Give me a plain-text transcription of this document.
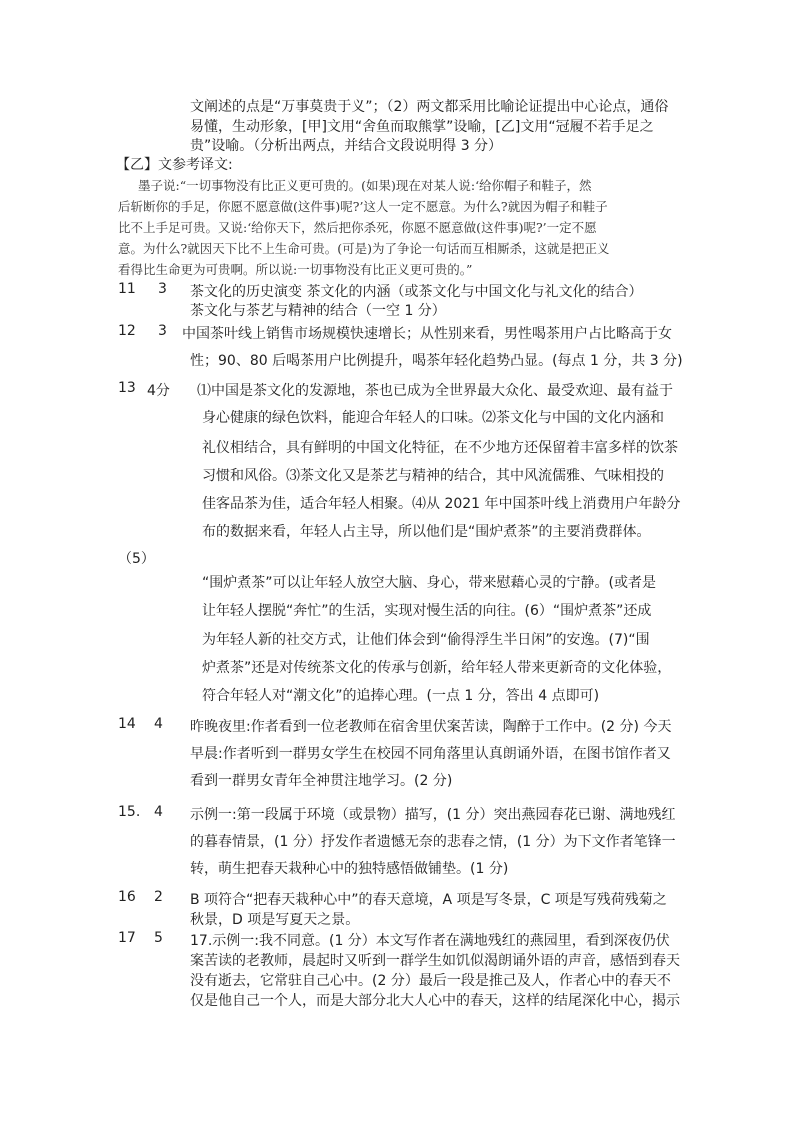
文阐述的点是“万事莫贵于义”；（2）两文都采用比喻论证提出中心论点，通俗
易懂，生动形象，[甲]文用“舍鱼而取熊掌”设喻，[乙]文用“冠履不若手足之
贵”设喻。（分析出两点，并结合文段说明得 3 分）
【乙】文参考译文:
墨子说:“一切事物没有比正义更可贵的。(如果)现在对某人说:‘给你帽子和鞋子，然
后斩断你的手足，你愿不愿意做(这件事)呢?’这人一定不愿意。为什么?就因为帽子和鞋子
比不上手足可贵。又说:‘给你天下，然后把你杀死，你愿不愿意做(这件事)呢?’一定不愿
意。为什么?就因天下比不上生命可贵。(可是)为了争论一句话而互相厮杀，这就是把正义
看得比生命更为可贵啊。所以说:一切事物没有比正义更可贵的。”
11 3 茶文化的历史演变 茶文化的内涵（或茶文化与中国文化与礼文化的结合）
茶文化与茶艺与精神的结合（一空 1 分）
12 3 中国茶叶线上销售市场规模快速增长；从性别来看，男性喝茶用户占比略高于女
性；90、80 后喝茶用户比例提升，喝茶年轻化趋势凸显。(每点 1 分，共 3 分)
13 4分 ⑴中国是茶文化的发源地，茶也已成为全世界最大众化、最受欢迎、最有益于
身心健康的绿色饮料，能迎合年轻人的口味。⑵茶文化与中国的文化内涵和
礼仪相结合，具有鲜明的中国文化特征，在不少地方还保留着丰富多样的饮茶
习惯和风俗。⑶茶文化又是茶艺与精神的结合，其中风流儒雅、气味相投的
佳客品茶为佳，适合年轻人相聚。⑷从 2021 年中国茶叶线上消费用户年龄分
布的数据来看，年轻人占主导，所以他们是“围炉煮茶”的主要消费群体。
（5）
“围炉煮茶”可以让年轻人放空大脑、身心，带来慰藉心灵的宁静。(或者是
让年轻人摆脱“奔忙”的生活，实现对慢生活的向往。(6）“围炉煮茶”还成
为年轻人新的社交方式，让他们体会到“偷得浮生半日闲”的安逸。(7)“围
炉煮茶”还是对传统茶文化的传承与创新，给年轻人带来更新奇的文化体验，
符合年轻人对“潮文化”的追捧心理。(一点 1 分，答出 4 点即可)
14 4 昨晚夜里:作者看到一位老教师在宿舍里伏案苦读，陶醉于工作中。(2 分) 今天
早晨:作者听到一群男女学生在校园不同角落里认真朗诵外语，在图书馆作者又
看到一群男女青年全神贯注地学习。(2 分)
15. 4 示例一:第一段属于环境（或景物）描写，(1 分）突出燕园春花已谢、满地残红
的暮春情景，(1 分）抒发作者遗憾无奈的悲春之情，(1 分）为下文作者笔锋一
转，萌生把春天栽种心中的独特感悟做铺垫。(1 分)
16 2 B 项符合“把春天栽种心中”的春天意境，A 项是写冬景，C 项是写残荷残菊之
秋景，D 项是写夏天之景。
17 5 17.示例一:我不同意。(1 分）本文写作者在满地残红的燕园里，看到深夜仍伏
案苦读的老教师，晨起时又听到一群学生如饥似渴朗诵外语的声音，感悟到春天
没有逝去，它常驻自己心中。(2 分）最后一段是推己及人，作者心中的春天不
仅是他自己一个人，而是大部分北大人心中的春天，这样的结尾深化中心，揭示
